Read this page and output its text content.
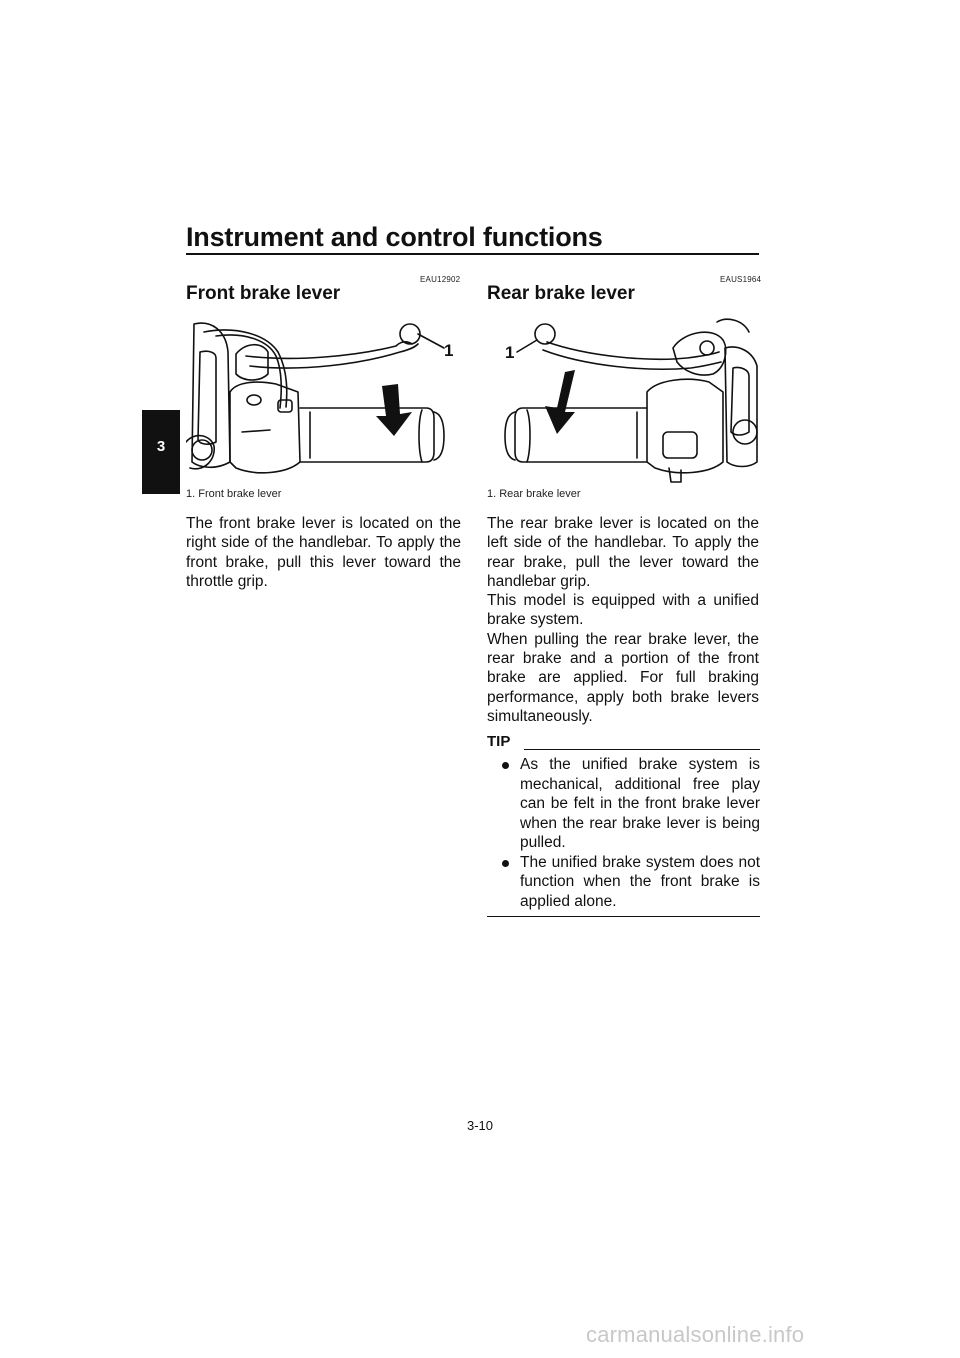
Instrument and control functions
3
EAU12902
Front brake lever
1
1. Front brake lever

The front brake lever is located on the right side of the handlebar. To apply the front brake, pull this lever toward the throttle grip.

EAUS1964
Rear brake lever
1
1. Rear brake lever

The rear brake lever is located on the left side of the handlebar. To apply the rear brake, pull the lever toward the handlebar grip.

This model is equipped with a unified brake system.

When pulling the rear brake lever, the rear brake and a portion of the front brake are applied. For full braking performance, apply both brake levers simultaneously.

TIP
As the unified brake system is mechanical, additional free play can be felt in the front brake lever when the rear brake lever is being pulled.
The unified brake system does not function when the front brake is applied alone.
3-10
carmanualsonline.info
